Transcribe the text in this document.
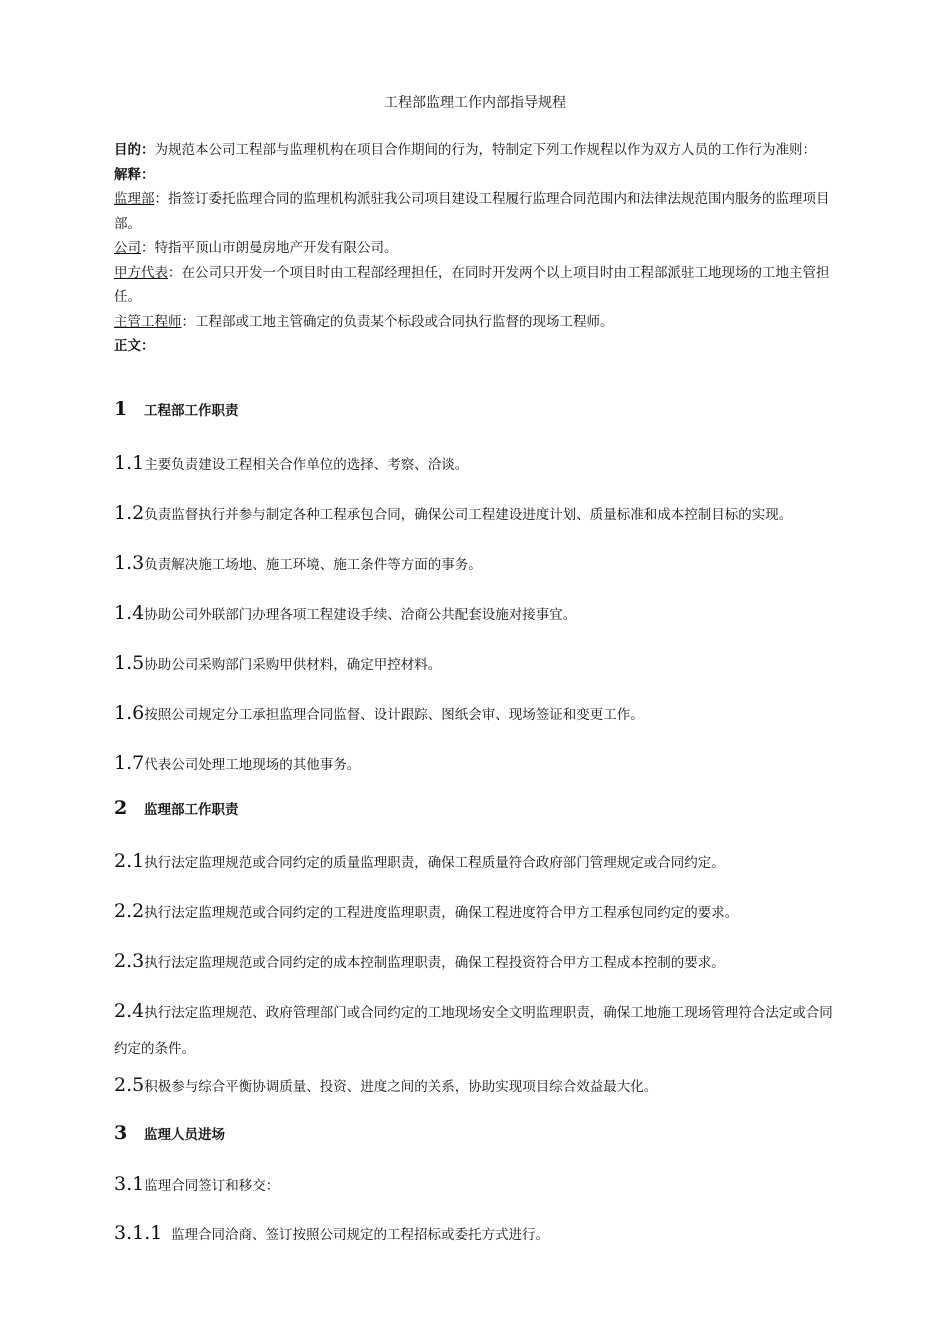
工程部监理工作内部指导规程

目的：为规范本公司工程部与监理机构在项目合作期间的行为，特制定下列工作规程以作为双方人员的工作行为准则：

解释：

监理部：指签订委托监理合同的监理机构派驻我公司项目建设工程履行监理合同范围内和法律法规范围内服务的监理项目部。

公司：特指平顶山市朗曼房地产开发有限公司。

甲方代表：在公司只开发一个项目时由工程部经理担任，在同时开发两个以上项目时由工程部派驻工地现场的工地主管担任。

主管工程师：工程部或工地主管确定的负责某个标段或合同执行监督的现场工程师。

正文：

1 工程部工作职责
1.1主要负责建设工程相关合作单位的选择、考察、洽谈。
1.2负责监督执行并参与制定各种工程承包合同，确保公司工程建设进度计划、质量标准和成本控制目标的实现。
1.3负责解决施工场地、施工环境、施工条件等方面的事务。
1.4协助公司外联部门办理各项工程建设手续、洽商公共配套设施对接事宜。
1.5协助公司采购部门采购甲供材料，确定甲控材料。
1.6按照公司规定分工承担监理合同监督、设计跟踪、图纸会审、现场签证和变更工作。
1.7代表公司处理工地现场的其他事务。
2 监理部工作职责
2.1执行法定监理规范或合同约定的质量监理职责，确保工程质量符合政府部门管理规定或合同约定。
2.2执行法定监理规范或合同约定的工程进度监理职责，确保工程进度符合甲方工程承包同约定的要求。
2.3执行法定监理规范或合同约定的成本控制监理职责，确保工程投资符合甲方工程成本控制的要求。
2.4执行法定监理规范、政府管理部门或合同约定的工地现场安全文明监理职责，确保工地施工现场管理符合法定或合同约定的条件。
2.5积极参与综合平衡协调质量、投资、进度之间的关系，协助实现项目综合效益最大化。
3 监理人员进场
3.1监理合同签订和移交：
3.1.1  监理合同洽商、签订按照公司规定的工程招标或委托方式进行。
